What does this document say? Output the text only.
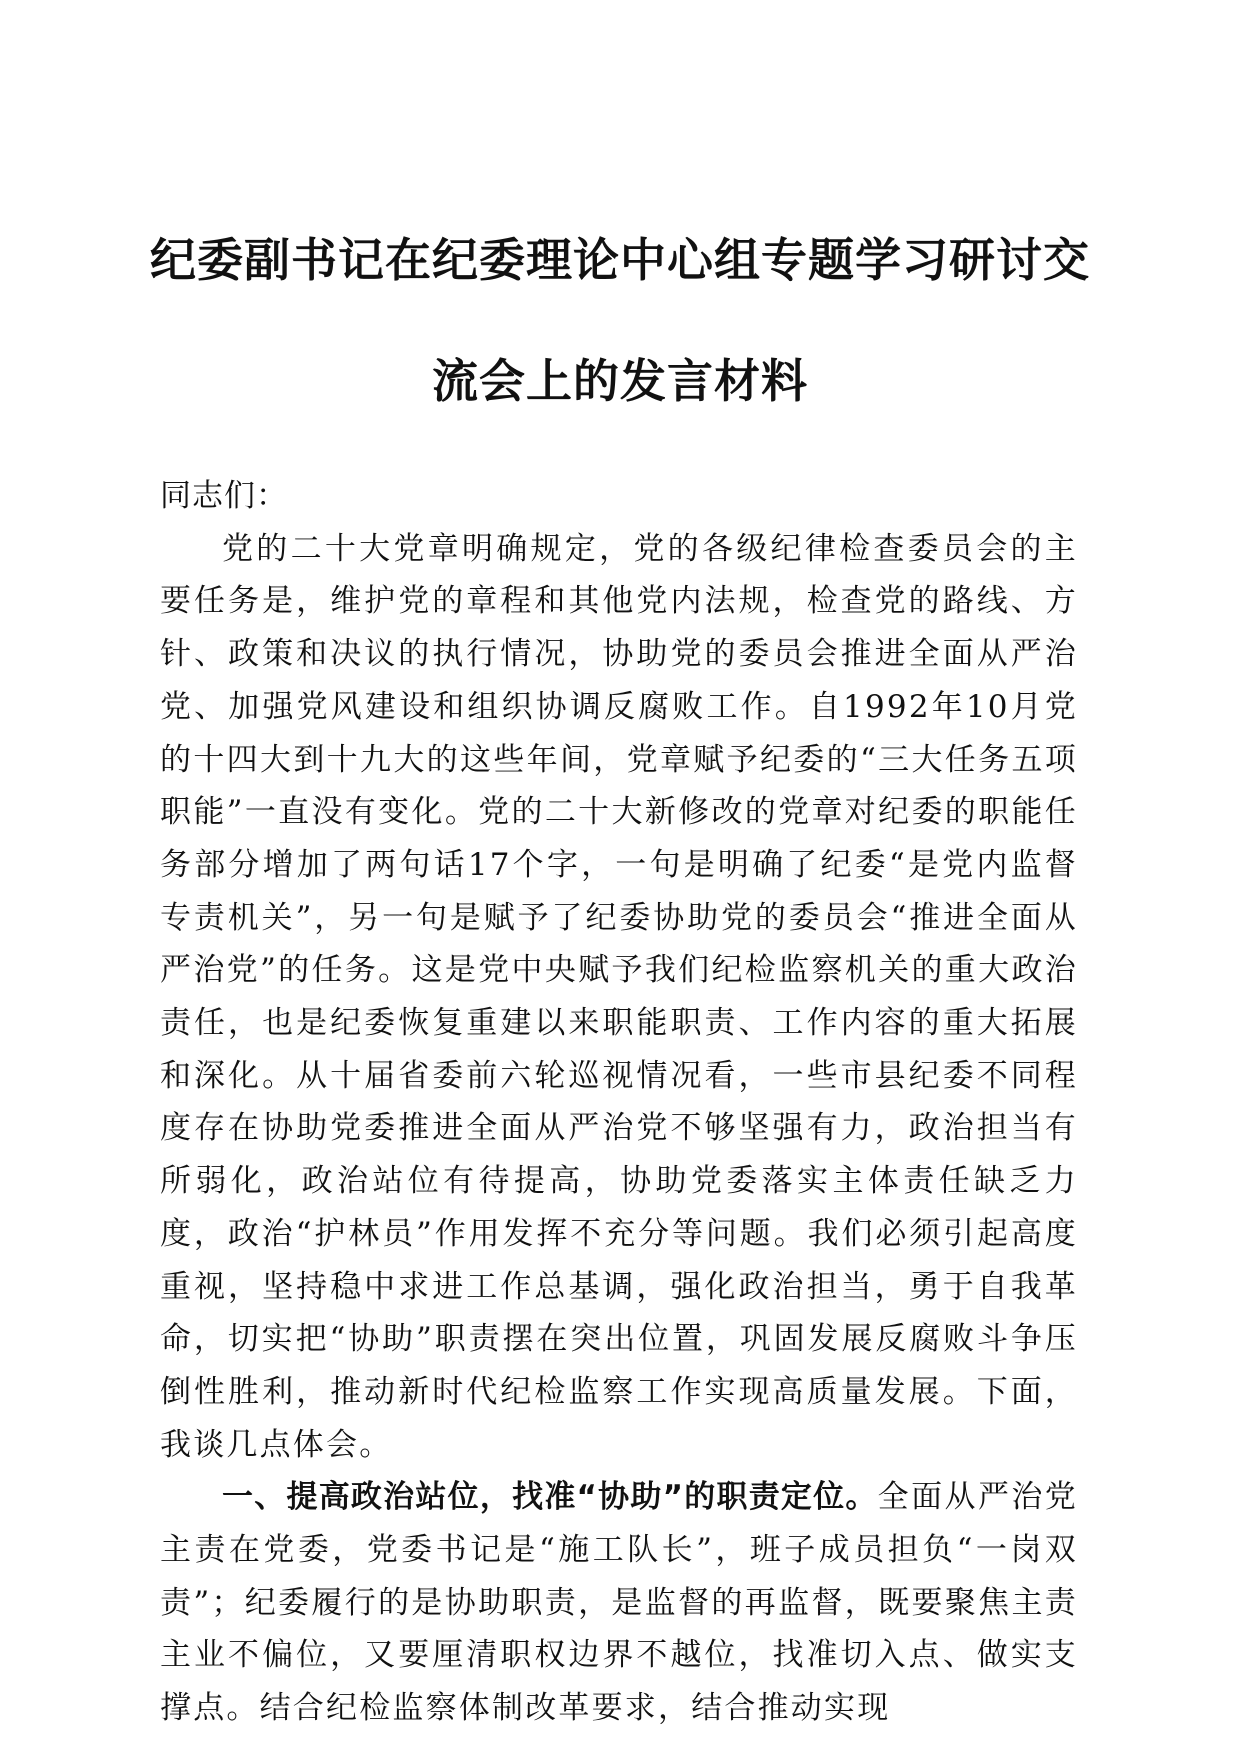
纪委副书记在纪委理论中心组专题学习研讨交
流会上的发言材料

同志们：

党的二十大党章明确规定，党的各级纪律检查委员会的主要任务是，维护党的章程和其他党内法规，检查党的路线、方针、政策和决议的执行情况，协助党的委员会推进全面从严治党、加强党风建设和组织协调反腐败工作。自1992年10月党的十四大到十九大的这些年间，党章赋予纪委的“三大任务五项职能”一直没有变化。党的二十大新修改的党章对纪委的职能任务部分增加了两句话17个字，一句是明确了纪委“是党内监督专责机关”，另一句是赋予了纪委协助党的委员会“推进全面从严治党”的任务。这是党中央赋予我们纪检监察机关的重大政治责任，也是纪委恢复重建以来职能职责、工作内容的重大拓展和深化。从十届省委前六轮巡视情况看，一些市县纪委不同程度存在协助党委推进全面从严治党不够坚强有力，政治担当有所弱化，政治站位有待提高，协助党委落实主体责任缺乏力度，政治“护林员”作用发挥不充分等问题。我们必须引起高度重视，坚持稳中求进工作总基调，强化政治担当，勇于自我革命，切实把“协助”职责摆在突出位置，巩固发展反腐败斗争压倒性胜利，推动新时代纪检监察工作实现高质量发展。下面，我谈几点体会。

一、提高政治站位，找准“协助”的职责定位。全面从严治党主责在党委，党委书记是“施工队长”，班子成员担负“一岗双责”；纪委履行的是协助职责，是监督的再监督，既要聚焦主责主业不偏位，又要厘清职权边界不越位，找准切入点、做实支撑点。结合纪检监察体制改革要求，结合推动实现
